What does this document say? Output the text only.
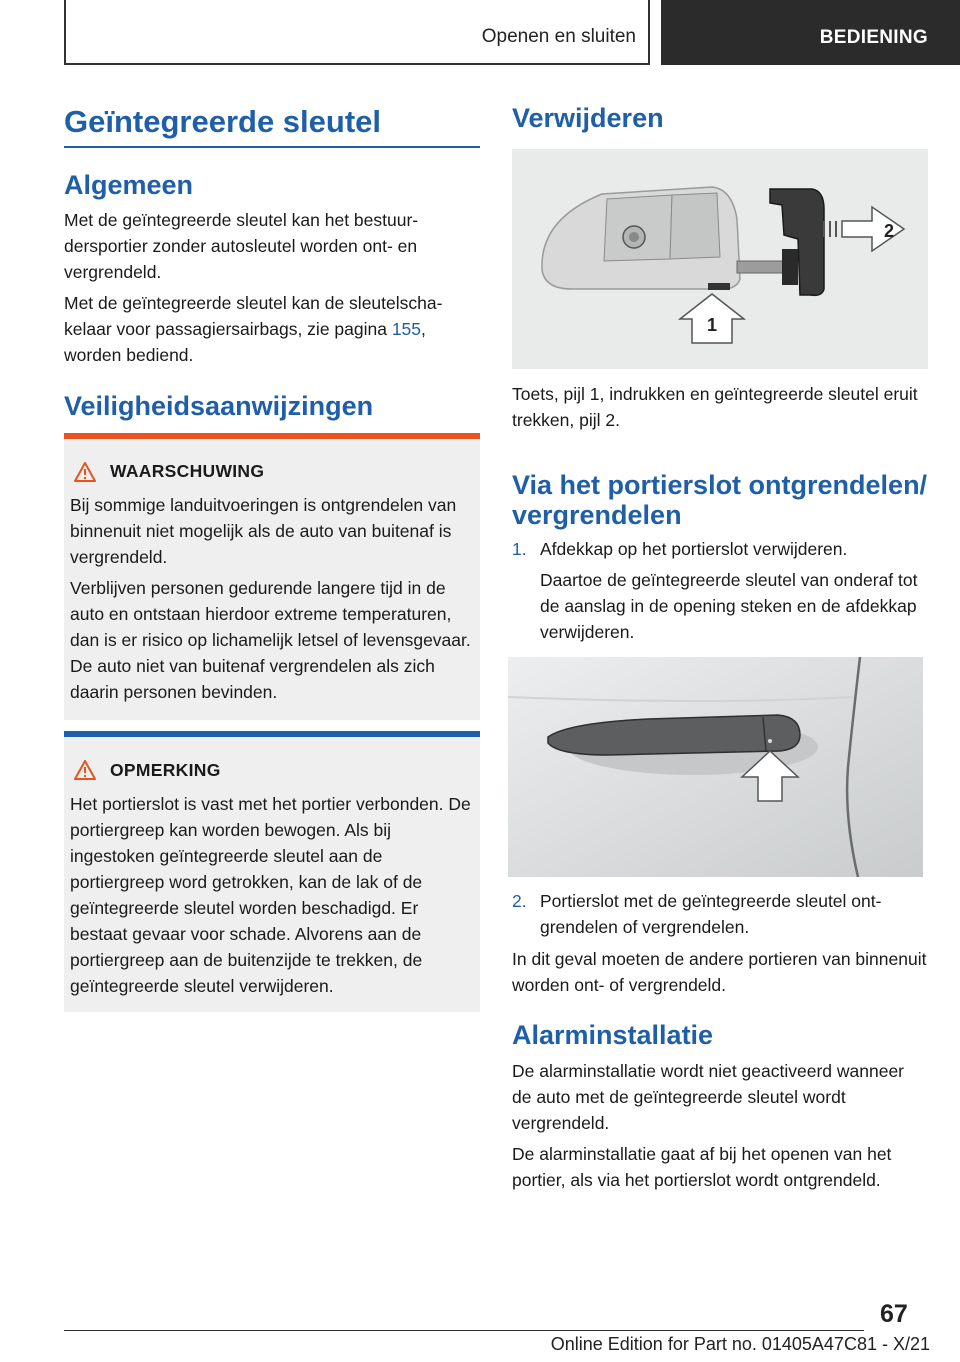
Openen en sluiten	BEDIENING
Geïntegreerde sleutel
Algemeen
Met de geïntegreerde sleutel kan het bestuurdersportier zonder autosleutel worden ont- en vergrendeld.
Met de geïntegreerde sleutel kan de sleutelschakelaar voor passagiersairbags, zie pagina 155, worden bediend.
Veiligheidsaanwijzingen
WAARSCHUWING
Bij sommige landuitvoeringen is ontgrendelen van binnenuit niet mogelijk als de auto van buitenaf is vergrendeld.
Verblijven personen gedurende langere tijd in de auto en ontstaan hierdoor extreme temperaturen, dan is er risico op lichamelijk letsel of levensgevaar. De auto niet van buitenaf vergrendelen als zich daarin personen bevinden.
OPMERKING
Het portierslot is vast met het portier verbonden. De portiergreep kan worden bewogen. Als bij ingestoken geïntegreerde sleutel aan de portiergreep word getrokken, kan de lak of de geïntegreerde sleutel worden beschadigd. Er bestaat gevaar voor schade. Alvorens aan de portiergreep aan de buitenzijde te trekken, de geïntegreerde sleutel verwijderen.
Verwijderen
2
1
Toets, pijl 1, indrukken en geïntegreerde sleutel eruit trekken, pijl 2.
Via het portierslot ontgrendelen/ vergrendelen
1. Afdekkap op het portierslot verwijderen.
Daartoe de geïntegreerde sleutel van onderaf tot de aanslag in de opening steken en de afdekkap verwijderen.
2. Portierslot met de geïntegreerde sleutel ontgrendelen of vergrendelen.
In dit geval moeten de andere portieren van binnenuit worden ont- of vergrendeld.
Alarminstallatie
De alarminstallatie wordt niet geactiveerd wanneer de auto met de geïntegreerde sleutel wordt vergrendeld.
De alarminstallatie gaat af bij het openen van het portier, als via het portierslot wordt ontgrendeld.
67
Online Edition for Part no. 01405A47C81 - X/21
